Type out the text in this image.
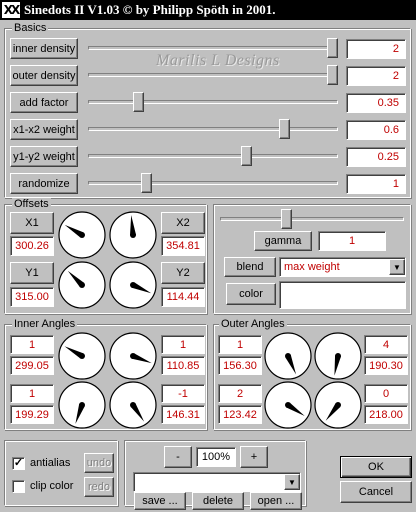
XX Sinedots II V1.03 © by Philipp Spöth in 2001.
Basics
Marilis L Designs
inner density	2
outer density	2
add factor	0.35
x1-x2 weight	0.6
y1-y2 weight	0.25
randomize	1
Offsets
X1
300.26
X2
354.81
Y1
315.00
Y2
114.44
gamma	1
blend	max weight	▼
color
Inner Angles
1
299.05
1
110.85
1
199.29
-1
146.31
Outer Angles
1
156.30
4
190.30
2
123.42
0
218.00
✓ antialias
clip color
undo
redo
-	100%	+
▼
save ... delete open ...
OK
Cancel
